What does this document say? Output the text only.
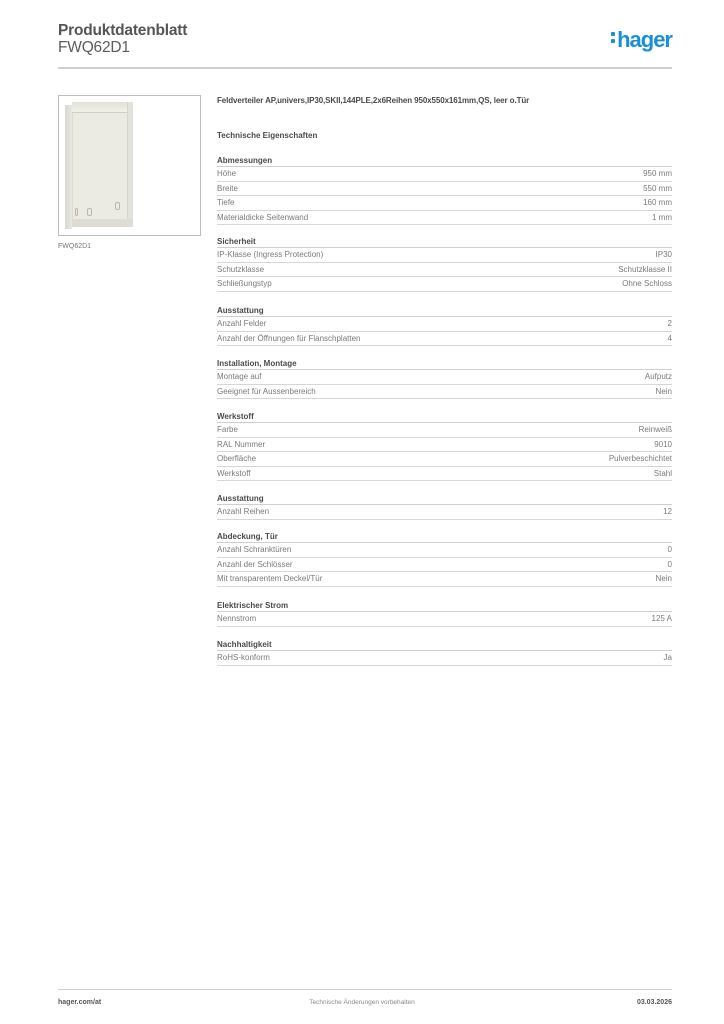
Produktdatenblatt
FWQ62D1	hager
FWQ62D1
Feldverteiler AP,univers,IP30,SKII,144PLE,2x6Reihen 950x550x161mm,QS, leer o.Tür
Technische Eigenschaften
Abmessungen
Höhe	950 mm
Breite	550 mm
Tiefe	160 mm
Materialdicke Seitenwand	1 mm
Sicherheit
IP-Klasse (Ingress Protection)	IP30
Schutzklasse	Schutzklasse II
Schließungstyp	Ohne Schloss
Ausstattung
Anzahl Felder	2
Anzahl der Öffnungen für Flanschplatten	4
Installation, Montage
Montage auf	Aufputz
Geeignet für Aussenbereich	Nein
Werkstoff
Farbe	Reinweiß
RAL Nummer	9010
Oberfläche	Pulverbeschichtet
Werkstoff	Stahl
Ausstattung
Anzahl Reihen	12
Abdeckung, Tür
Anzahl Schranktüren	0
Anzahl der Schlösser	0
Mit transparentem Deckel/Tür	Nein
Elektrischer Strom
Nennstrom	125 A
Nachhaltigkeit
RoHS-konform	Ja
hager.com/at	Technische Änderungen vorbehalten	03.03.2026
